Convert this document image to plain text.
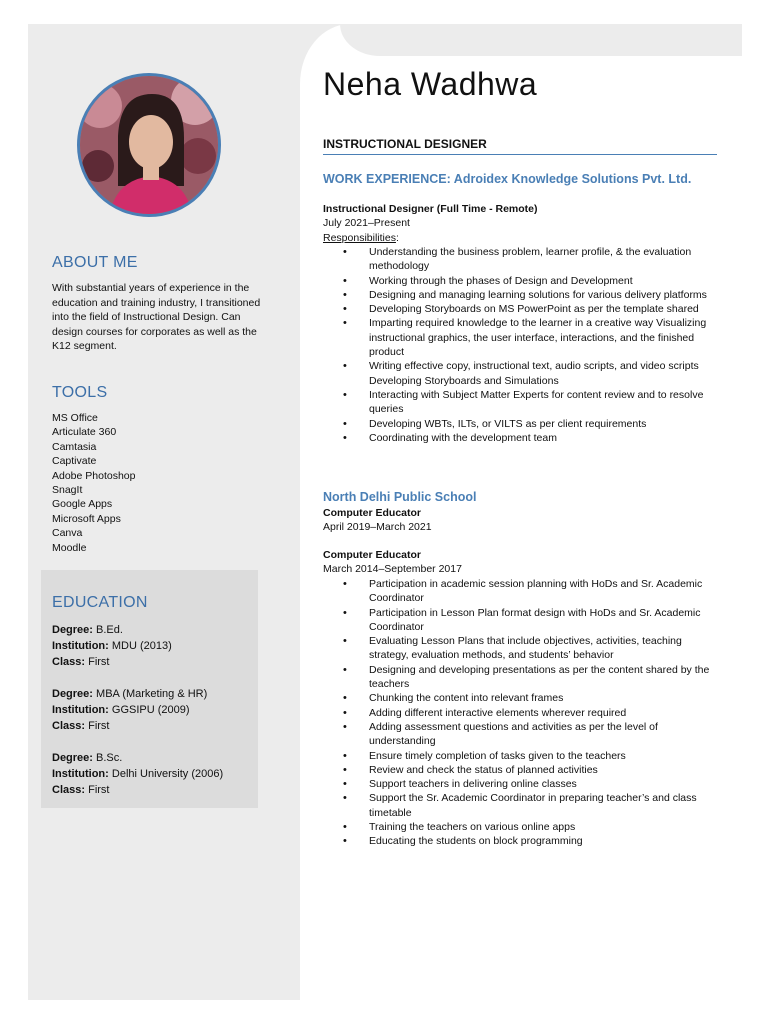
ABOUT ME
With substantial years of experience in the education and training industry, I transitioned into the field of Instructional Design. Can design courses for corporates as well as the K12 segment.
TOOLS
MS Office
Articulate 360
Camtasia
Captivate
Adobe Photoshop
SnagIt
Google Apps
Microsoft Apps
Canva
Moodle
EDUCATION
Degree: B.Ed.
Institution: MDU (2013)
Class: First
Degree: MBA (Marketing & HR)
Institution: GGSIPU (2009)
Class: First
Degree: B.Sc.
Institution: Delhi University (2006)
Class: First
Neha Wadhwa
INSTRUCTIONAL DESIGNER
WORK EXPERIENCE: Adroidex Knowledge Solutions Pvt. Ltd.
Instructional Designer (Full Time - Remote)
July 2021–Present
Responsibilities:
• Understanding the business problem, learner profile, & the evaluation methodology
• Working through the phases of Design and Development
• Designing and managing learning solutions for various delivery platforms
• Developing Storyboards on MS PowerPoint as per the template shared
• Imparting required knowledge to the learner in a creative way Visualizing instructional graphics, the user interface, interactions, and the finished product
• Writing effective copy, instructional text, audio scripts, and video scripts Developing Storyboards and Simulations
• Interacting with Subject Matter Experts for content review and to resolve queries
• Developing WBTs, ILTs, or VILTS as per client requirements
• Coordinating with the development team
North Delhi Public School
Computer Educator
April 2019–March 2021
Computer Educator
March 2014–September 2017
• Participation in academic session planning with HoDs and Sr. Academic Coordinator
• Participation in Lesson Plan format design with HoDs and Sr. Academic Coordinator
• Evaluating Lesson Plans that include objectives, activities, teaching strategy, evaluation methods, and students’ behavior
• Designing and developing presentations as per the content shared by the teachers
• Chunking the content into relevant frames
• Adding different interactive elements wherever required
• Adding assessment questions and activities as per the level of understanding
• Ensure timely completion of tasks given to the teachers
• Review and check the status of planned activities
• Support teachers in delivering online classes
• Support the Sr. Academic Coordinator in preparing teacher’s and class timetable
• Training the teachers on various online apps
• Educating the students on block programming
